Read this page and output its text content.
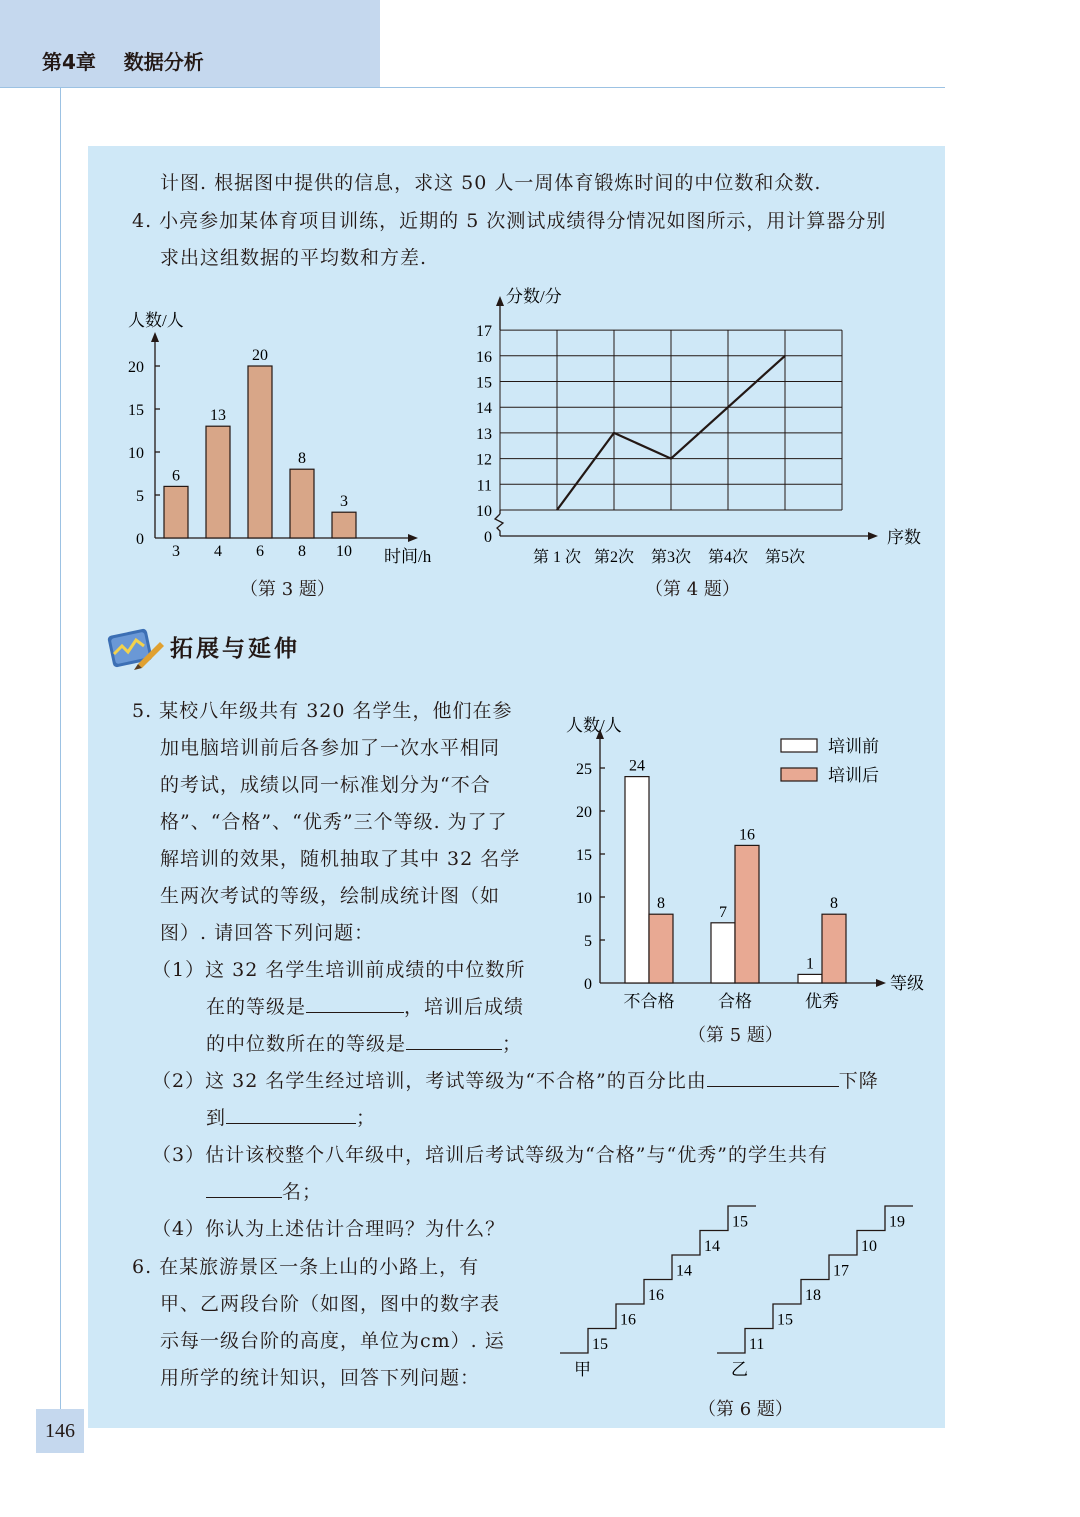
第4章    数据分析
计图. 根据图中提供的信息，求这 50 人一周体育锻炼时间的中位数和众数.
4. 小亮参加某体育项目训练，近期的 5 次测试成绩得分情况如图所示，用计算器分别
求出这组数据的平均数和方差.
人数/人
时间/h
0
5
10
15
20
6
3
13
4
20
6
8
8
3
10
（第 3 题）
分数/分
序数
0
10
11
12
13
14
15
16
17
第 1 次 第2次 第3次 第4次 第5次
（第 4 题）
拓展与延伸
5. 某校八年级共有 320 名学生，他们在参
加电脑培训前后各参加了一次水平相同
的考试，成绩以同一标准划分为“不合
格”、“合格”、“优秀”三个等级. 为了了
解培训的效果，随机抽取了其中 32 名学
生两次考试的等级，绘制成统计图（如
图）. 请回答下列问题：
（1）这 32 名学生培训前成绩的中位数所
在的等级是	，培训后成绩
的中位数所在的等级是	；
人数/人
等级
0
5
10
15
20
25 24
8
不合格
7
16
合格
1
8
优秀
培训前
培训后
（第 5 题）
（2）这 32 名学生经过培训，考试等级为“不合格”的百分比由	下降
到	；
（3）估计该校整个八年级中，培训后考试等级为“合格”与“优秀”的学生共有
名；
（4）你认为上述估计合理吗？为什么？
6. 在某旅游景区一条上山的小路上，有
甲、乙两段台阶（如图，图中的数字表
示每一级台阶的高度，单位为cm）. 运
用所学的统计知识，回答下列问题：
15
16
16
14
14
15
甲
11
15
18
17
10
19
乙
（第 6 题）
146
